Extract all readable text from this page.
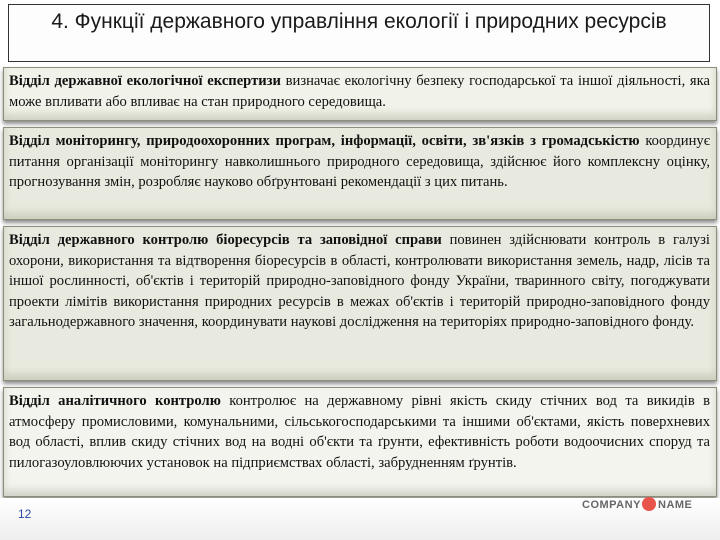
4. Функції державного управління екології і природних ресурсів
Відділ державної екологічної експертизи визначає екологічну безпеку господарської та іншої діяльності, яка може впливати або впливає на стан природного середовища.
Відділ моніторингу, природоохоронних програм, інформації, освіти, зв'язків з громадськістю координує питання організації моніторингу навколишнього природного середовища, здійснює його комплексну оцінку, прогнозування змін, розробляє науково обґрунтовані рекомендації з цих питань.
Відділ державного контролю біоресурсів та заповідної справи повинен здійснювати контроль в галузі охорони, використання та відтворення біоресурсів в області, контролювати використання земель, надр, лісів та іншої рослинності, об'єктів і територій природно-заповідного фонду України, тваринного світу, погоджувати проекти лімітів використання природних ресурсів в межах об'єктів і територій природно-заповідного фонду загальнодержавного значення, координувати наукові дослідження на територіях природно-заповідного фонду.
Відділ аналітичного контролю контролює на державному рівні якість скиду стічних вод та викидів в атмосферу промисловими, комунальними, сільськогосподарськими та іншими об'єктами, якість поверхневих вод області, вплив скиду стічних вод на водні об'єкти та ґрунти, ефективність роботи водоочисних споруд та пилогазоуловлюючих установок на підприємствах області, забрудненням ґрунтів.
12
COMPANY NAME
